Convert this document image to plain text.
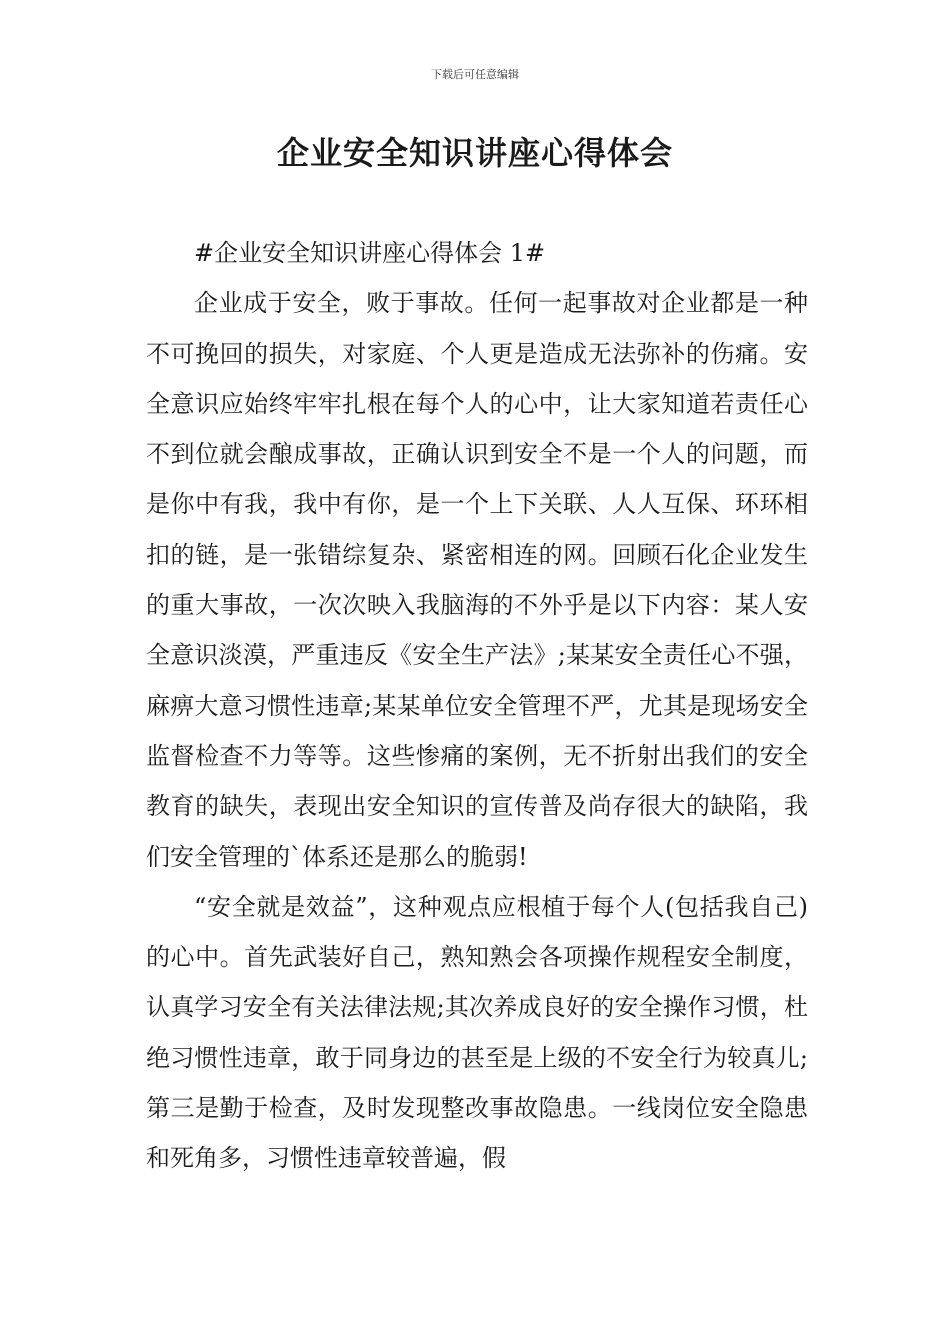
下载后可任意编辑
企业安全知识讲座心得体会

#企业安全知识讲座心得体会 1#

企业成于安全，败于事故。任何一起事故对企业都是一种不可挽回的损失，对家庭、个人更是造成无法弥补的伤痛。安全意识应始终牢牢扎根在每个人的心中，让大家知道若责任心不到位就会酿成事故，正确认识到安全不是一个人的问题，而是你中有我，我中有你，是一个上下关联、人人互保、环环相扣的链，是一张错综复杂、紧密相连的网。回顾石化企业发生的重大事故，一次次映入我脑海的不外乎是以下内容：某人安全意识淡漠，严重违反《安全生产法》;某某安全责任心不强，麻痹大意习惯性违章;某某单位安全管理不严，尤其是现场安全监督检查不力等等。这些惨痛的案例，无不折射出我们的安全教育的缺失，表现出安全知识的宣传普及尚存很大的缺陷，我们安全管理的`体系还是那么的脆弱!

“安全就是效益”，这种观点应根植于每个人(包括我自己)的心中。首先武装好自己，熟知熟会各项操作规程安全制度，认真学习安全有关法律法规;其次养成良好的安全操作习惯，杜绝习惯性违章，敢于同身边的甚至是上级的不安全行为较真儿;第三是勤于检查，及时发现整改事故隐患。一线岗位安全隐患和死角多，习惯性违章较普遍，假
